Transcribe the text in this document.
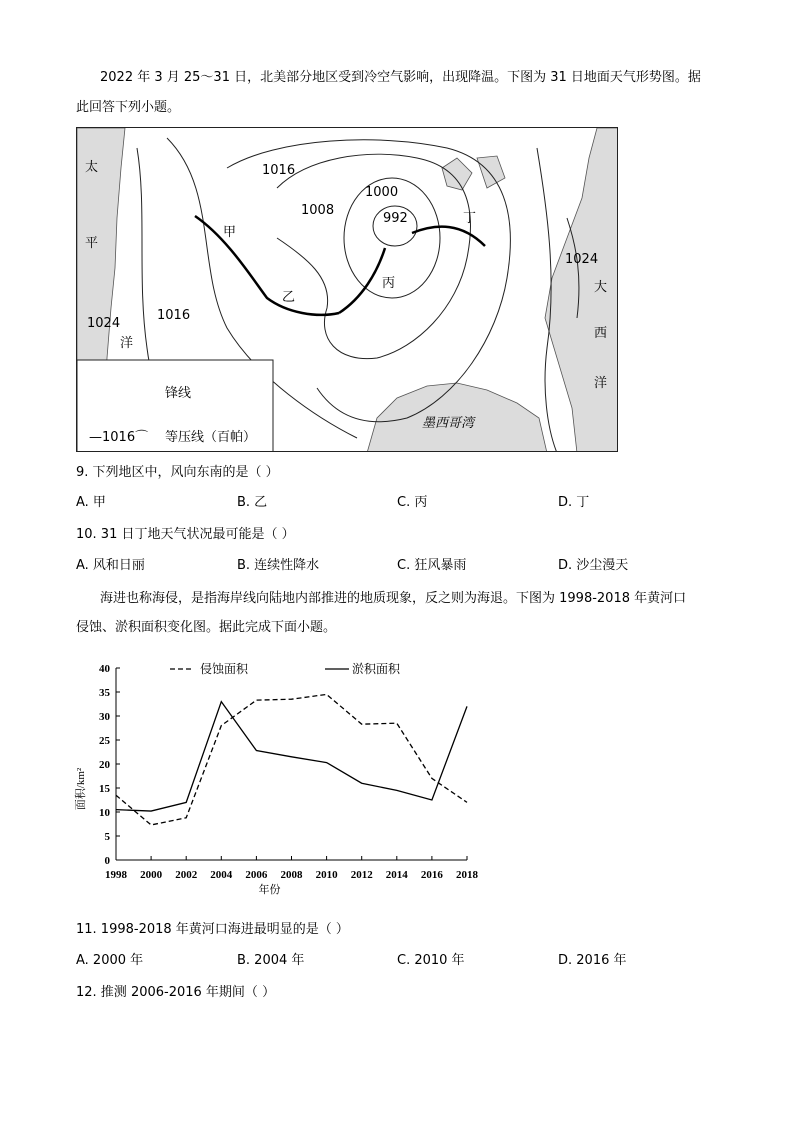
2022 年 3 月 25～31 日，北美部分地区受到冷空气影响，出现降温。下图为 31 日地面天气形势图。据
此回答下列小题。
1016
1008
1000
992
1016
1024
1024
甲
乙
丙
丁
太
平
洋
大
西
洋
墨西哥湾
锋线
—1016⌒ 等压线（百帕）
9. 下列地区中，风向东南的是（ ）
A. 甲	B. 乙	C. 丙	D. 丁
10. 31 日丁地天气状况最可能是（ ）
A. 风和日丽	B. 连续性降水	C. 狂风暴雨	D. 沙尘漫天
海进也称海侵，是指海岸线向陆地内部推进的地质现象，反之则为海退。下图为 1998-2018 年黄河口
侵蚀、淤积面积变化图。据此完成下面小题。
0
5
10
15
20
25
30
35
40
1998 2000 2002 2004 2006 2008 2010 2012 2014 2016 2018
年份
面积/km²
侵蚀面积	淤积面积
11. 1998-2018 年黄河口海进最明显的是（ ）
A. 2000 年	B. 2004 年	C. 2010 年	D. 2016 年
12. 推测 2006-2016 年期间（ ）
